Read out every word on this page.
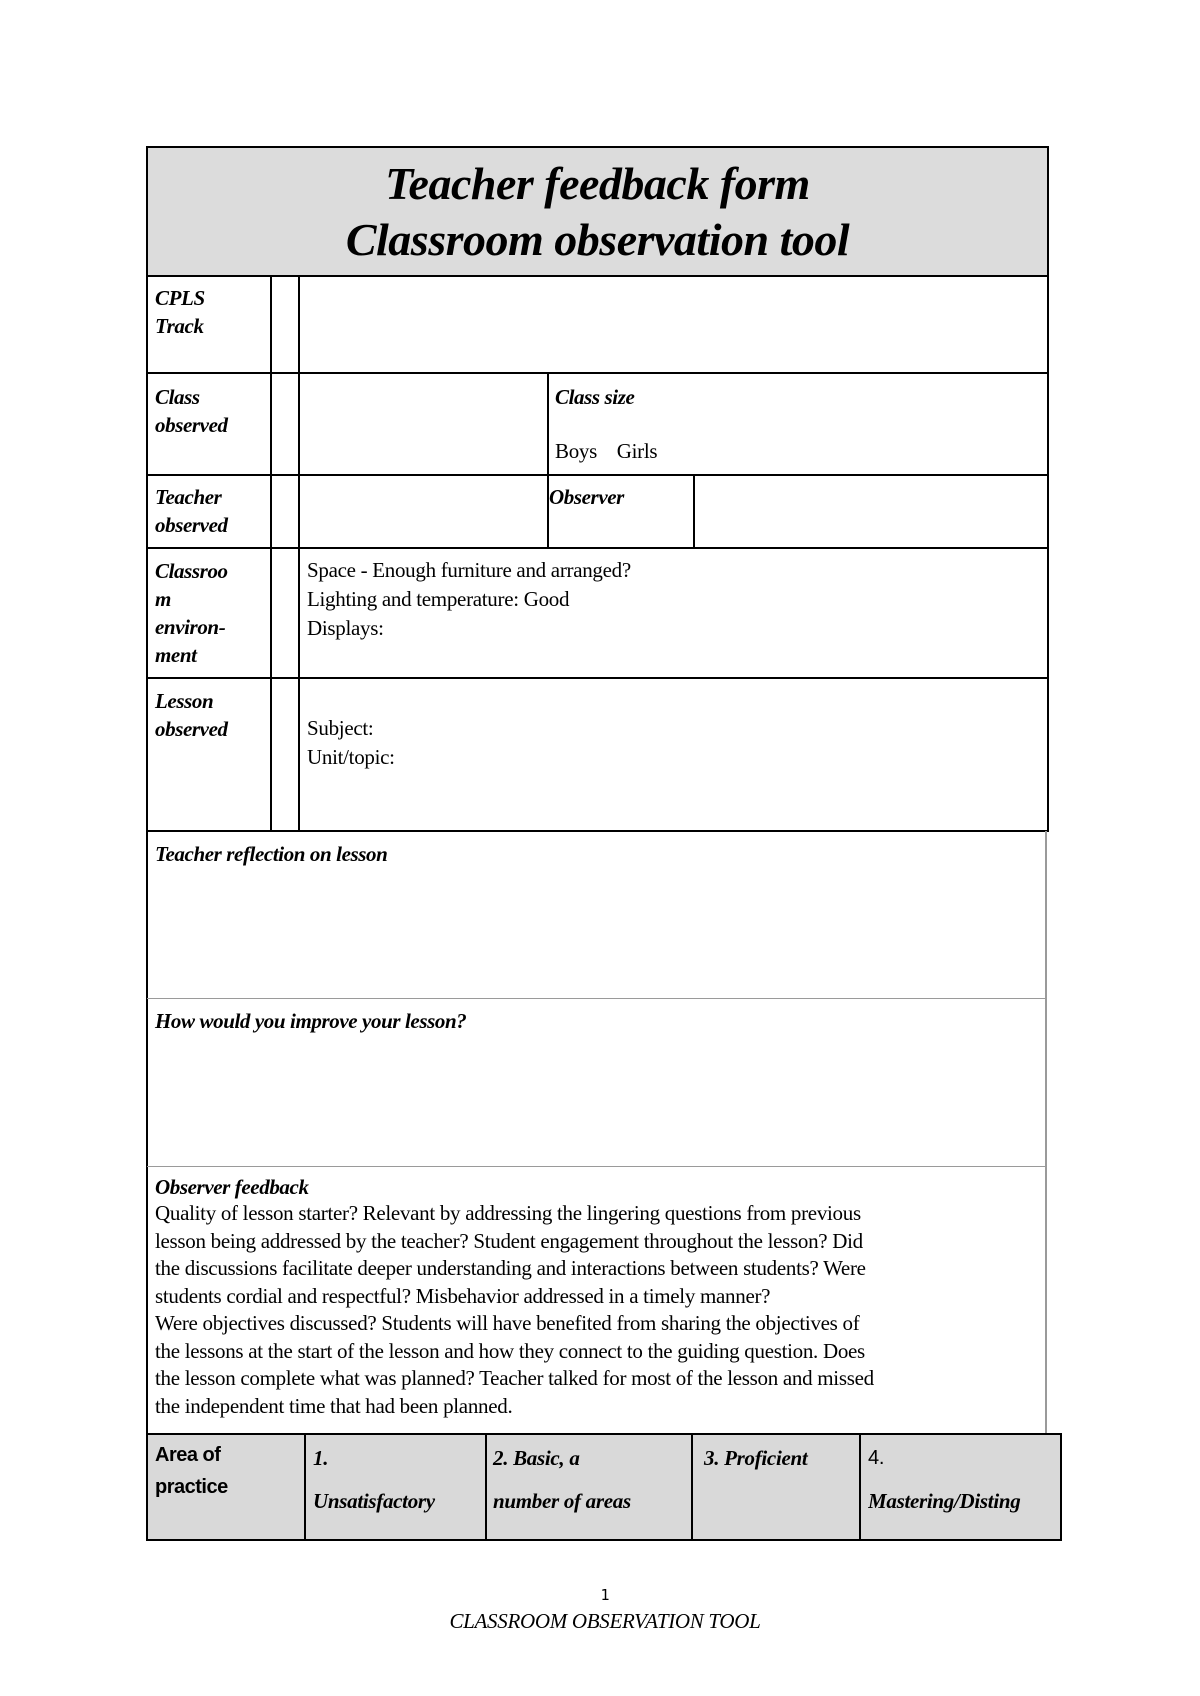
Teacher feedback form
Classroom observation tool
CPLS
Track
Class
observed
Class size
Boys    Girls
Teacher
observed
Observer
Classroo
m
environ-
ment
Space - Enough furniture and arranged?
Lighting and temperature: Good
Displays:
Lesson
observed	Subject:
Unit/topic:
Teacher reflection on lesson
How would you improve your lesson?
Observer feedback
Quality of lesson starter? Relevant by addressing the lingering questions from previous
lesson being addressed by the teacher? Student engagement throughout the lesson? Did
the discussions facilitate deeper understanding and interactions between students? Were
students cordial and respectful? Misbehavior addressed in a timely manner?
Were objectives discussed? Students will have benefited from sharing the objectives of
the lessons at the start of the lesson and how they connect to the guiding question. Does
the lesson complete what was planned? Teacher talked for most of the lesson and missed
the independent time that had been planned.
Area of
practice
1.
Unsatisfactory
2. Basic, a
number of areas
3. Proficient	4.
Mastering/Disting
1
CLASSROOM OBSERVATION TOOL
